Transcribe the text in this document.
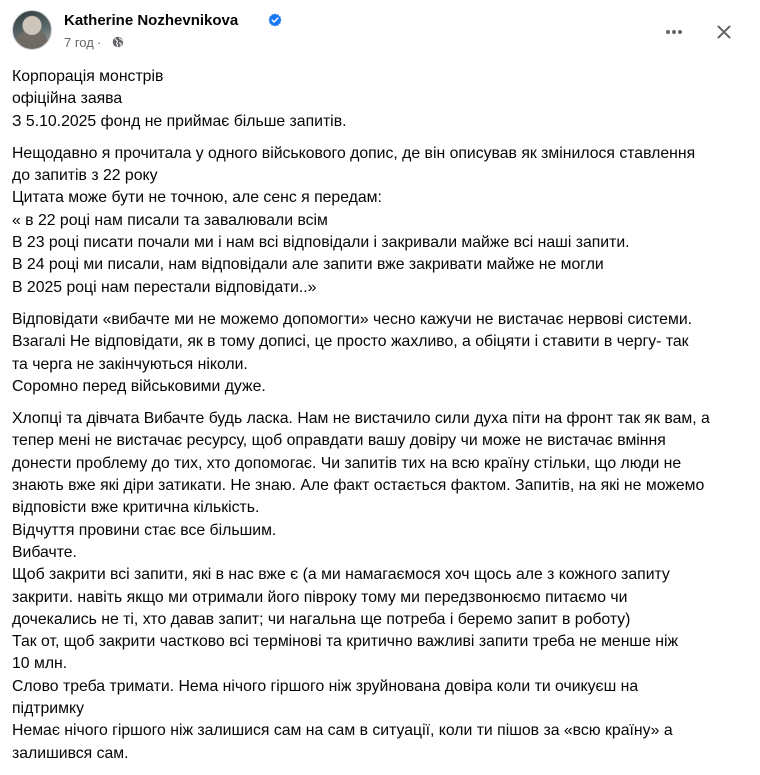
Katherine Nozhevnikova
7 год ·
Корпорація монстрів
офіційна заява
З 5.10.2025 фонд не приймає більше запитів.
Нещодавно я прочитала у одного військового допис, де він описував як змінилося ставлення
до запитів з 22 року
Цитата може бути не точною, але сенс я передам:
« в 22 році нам писали та завалювали всім
В 23 році писати почали ми і нам всі відповідали і закривали майже всі наші запити.
В 24 році ми писали, нам відповідали але запити вже закривати майже не могли
В 2025 році нам перестали відповідати..»
Відповідати «вибачте ми не можемо допомогти» чесно кажучи не вистачає нервові системи.
Взагалі Не відповідати, як в тому дописі, це просто жахливо, а обіцяти і ставити в чергу- так
та черга не закінчуються ніколи.
Соромно перед військовими дуже.
Хлопці та дівчата Вибачте будь ласка. Нам не вистачило сили духа піти на фронт так як вам, а
тепер мені не вистачає ресурсу, щоб оправдати вашу довіру чи може не вистачає вміння
донести проблему до тих, хто допомогає. Чи запитів тих на всю країну стільки, що люди не
знають вже які діри затикати. Не знаю. Але факт остається фактом. Запитів, на які не можемо
відповісти вже критична кількість.
Відчуття провини стає все більшим.
Вибачте.
Щоб закрити всі запити, які в нас вже є (а ми намагаємося хоч щось але з кожного запиту
закрити. навіть якщо ми отримали його півроку тому ми передзвонюємо питаємо чи
дочекались не ті, хто давав запит; чи нагальна ще потреба і беремо запит в роботу)
Так от, щоб закрити частково всі термінові та критично важливі запити треба не менше ніж
10 млн.
Слово треба тримати. Нема нічого гіршого ніж зруйнована довіра коли ти очикуєш на
підтримку
Немає нічого гіршого ніж залишися сам на сам в ситуації, коли ти пішов за «всю країну» а
залишився сам.
